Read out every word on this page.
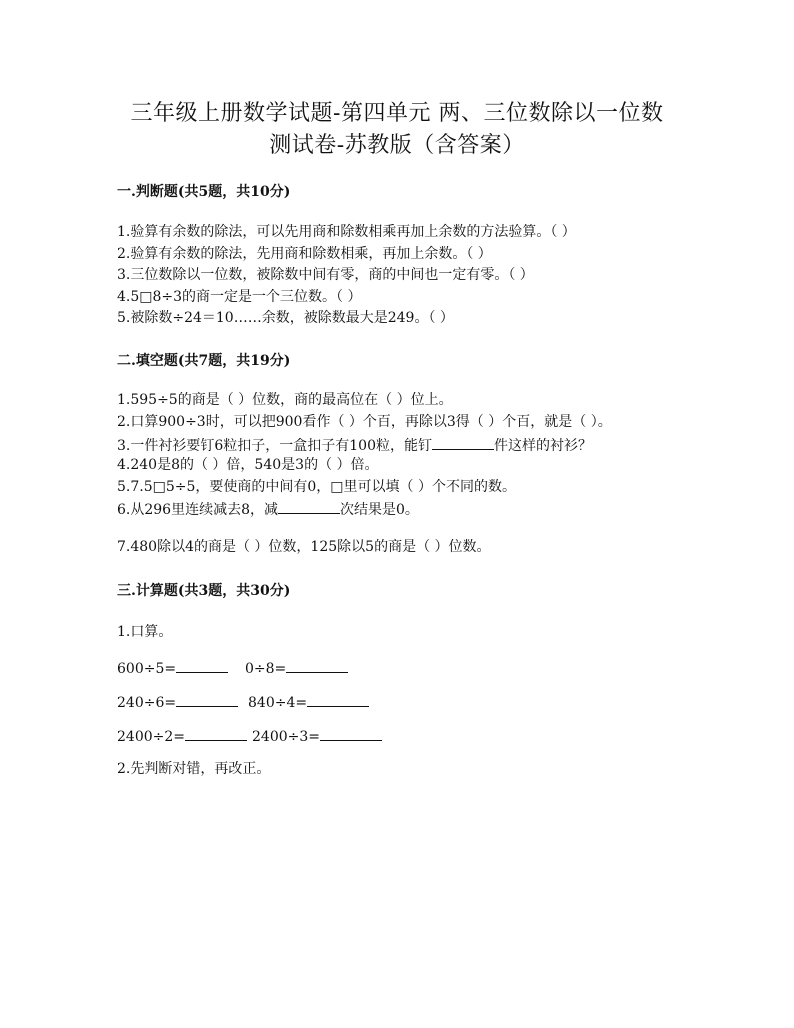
三年级上册数学试题-第四单元 两、三位数除以一位数
测试卷-苏教版（含答案）
一.判断题(共5题，共10分)
1.验算有余数的除法，可以先用商和除数相乘再加上余数的方法验算。（ ）
2.验算有余数的除法，先用商和除数相乘，再加上余数。（ ）
3.三位数除以一位数，被除数中间有零，商的中间也一定有零。（ ）
4.5□8÷3的商一定是一个三位数。（ ）
5.被除数÷24＝10……余数，被除数最大是249。（ ）
二.填空题(共7题，共19分)
1.595÷5的商是（ ）位数，商的最高位在（ ）位上。
2.口算900÷3时，可以把900看作（ ）个百，再除以3得（ ）个百，就是（ ）。
3.一件衬衫要钉6粒扣子，一盒扣子有100粒，能钉	件这样的衬衫？
4.240是8的（ ）倍，540是3的（ ）倍。
5.7.5□5÷5，要使商的中间有0，□里可以填（ ）个不同的数。
6.从296里连续减去8，减	次结果是0。
7.480除以4的商是（ ）位数，125除以5的商是（ ）位数。
三.计算题(共3题，共30分)
1.口算。
600÷5=	0÷8=
240÷6=	840÷4=
2400÷2=	2400÷3=
2.先判断对错，再改正。
